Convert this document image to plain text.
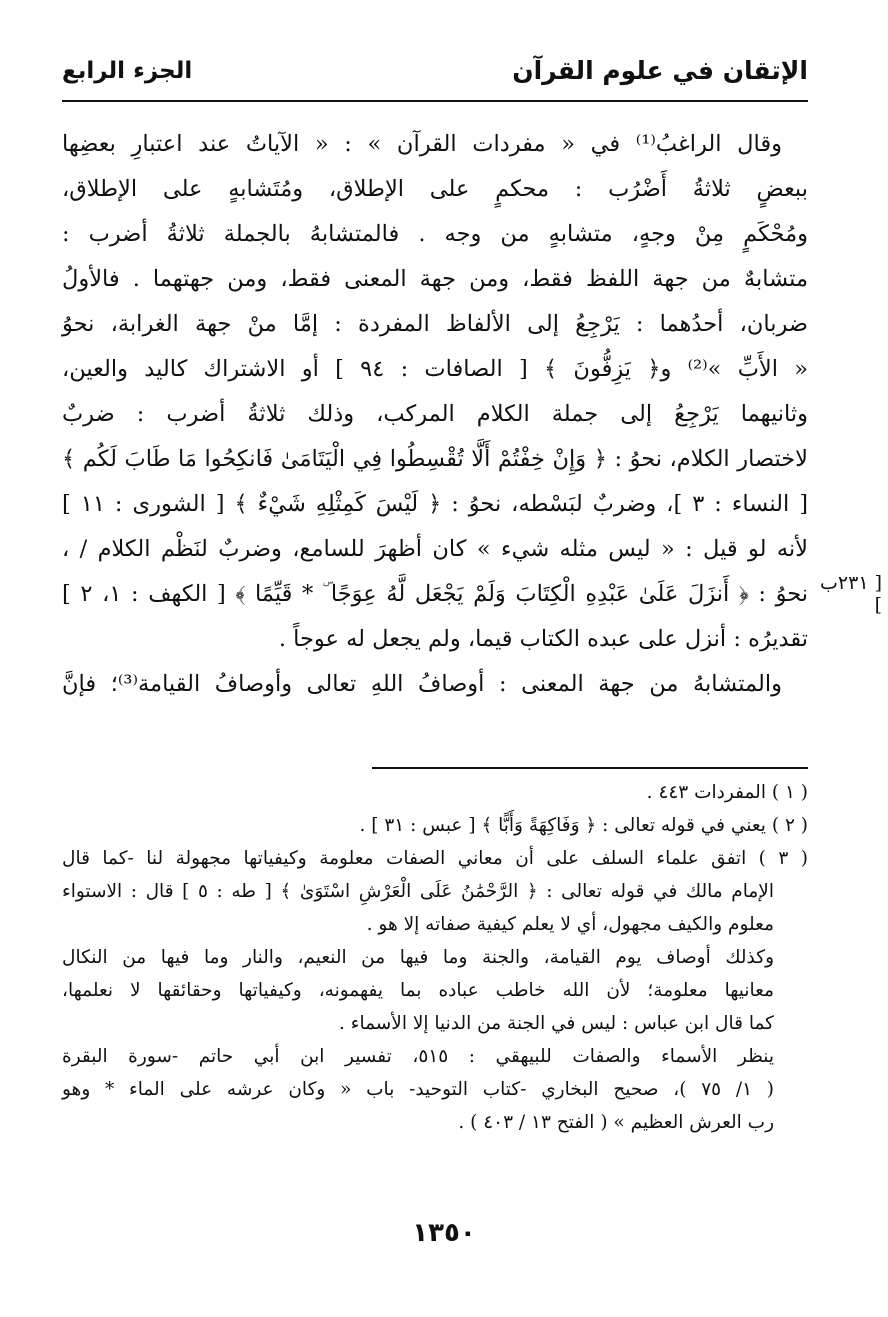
الإتقان في علوم القرآن
الجزء الرابع
وقال الراغبُ⁽¹⁾ في « مفردات القرآن » : « الآياتُ عند اعتبارِ بعضِها
ببعضٍ ثلاثةُ أَضْرُب : محكمٍ على الإطلاق، ومُتَشابهٍ على الإطلاق،
ومُحْكَمٍ مِنْ وجهٍ، متشابهٍ من وجه . فالمتشابهُ بالجملة ثلاثةُ أضرب :
متشابهٌ من جهة اللفظ فقط، ومن جهة المعنى فقط، ومن جهتهما . فالأولُ
ضربان، أحدُهما : يَرْجِعُ إلى الألفاظ المفردة : إمَّا منْ جهة الغرابة، نحوُ
« الأَبِّ »⁽²⁾ و﴿ يَزِفُّونَ ﴾ [ الصافات : ٩٤ ] أو الاشتراك كاليد والعين،
وثانيهما يَرْجِعُ إلى جملة الكلام المركب، وذلك ثلاثةُ أضرب : ضربٌ
لاختصار الكلام، نحوُ : ﴿ وَإِنْ خِفْتُمْ أَلَّا تُقْسِطُوا فِي الْيَتَامَىٰ فَانكِحُوا مَا طَابَ لَكُم ﴾
[ النساء : ٣ ]، وضربٌ لبَسْطه، نحوُ : ﴿ لَيْسَ كَمِثْلِهِ شَيْءٌ ﴾ [ الشورى : ١١ ]
لأنه لو قيل : « ليس مثله شيء » كان أظهرَ للسامع، وضربٌ لنَظْم الكلام / ،
نحوُ : ﴿ أَنزَلَ عَلَىٰ عَبْدِهِ الْكِتَابَ وَلَمْ يَجْعَل لَّهُ عِوَجًا ۜ * قَيِّمًا ﴾ [ الكهف : ١، ٢ ]
تقديرُه : أنزل على عبده الكتاب قيما، ولم يجعل له عوجاً .
والمتشابهُ من جهة المعنى : أوصافُ اللهِ تعالى وأوصافُ القيامة⁽³⁾؛ فإنَّ
[ ٢٣١ب ]
( ١ ) المفردات ٤٤٣ .
( ٢ ) يعني في قوله تعالى : ﴿ وَفَاكِهَةً وَأَبًّا ﴾ [ عبس : ٣١ ] .
( ٣ ) اتفق علماء السلف على أن معاني الصفات معلومة وكيفياتها مجهولة لنا -كما قال
الإمام مالك في قوله تعالى : ﴿ الرَّحْمَٰنُ عَلَى الْعَرْشِ اسْتَوَىٰ ﴾ [ طه : ٥ ] قال : الاستواء
معلوم والكيف مجهول، أي لا يعلم كيفية صفاته إلا هو .
وكذلك أوصاف يوم القيامة، والجنة وما فيها من النعيم، والنار وما فيها من النكال
معانيها معلومة؛ لأن الله خاطب عباده بما يفهمونه، وكيفياتها وحقائقها لا نعلمها،
كما قال ابن عباس : ليس في الجنة من الدنيا إلا الأسماء .
ينظر الأسماء والصفات للبيهقي : ٥١٥، تفسير ابن أبي حاتم -سورة البقرة
( ١/ ٧٥ )، صحيح البخاري -كتاب التوحيد- باب « وكان عرشه على الماء * وهو
رب العرش العظيم » ( الفتح ١٣ / ٤٠٣ ) .
١٣٥٠
